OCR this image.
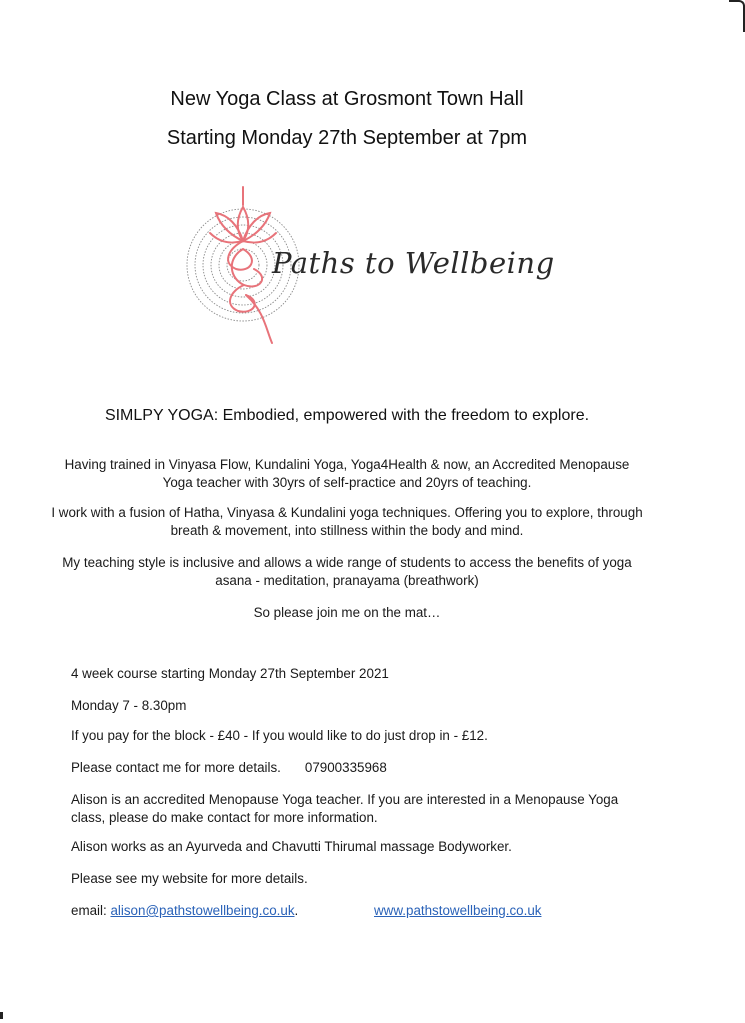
New Yoga Class at Grosmont Town Hall
Starting Monday 27th September at 7pm
Paths to Wellbeing
SIMLPY YOGA: Embodied, empowered with the freedom to explore.
Having trained in Vinyasa Flow, Kundalini Yoga, Yoga4Health & now, an Accredited Menopause Yoga teacher with 30yrs of self-practice and 20yrs of teaching.
I work with a fusion of Hatha, Vinyasa & Kundalini yoga techniques. Offering you to explore, through breath & movement, into stillness within the body and mind.
My teaching style is inclusive and allows a wide range of students to access the benefits of yoga asana - meditation, pranayama (breathwork)
So please join me on the mat…
4 week course starting Monday 27th September 2021
Monday 7 - 8.30pm
If you pay for the block - £40 - If you would like to do just drop in - £12.
Please contact me for more details. 07900335968
Alison is an accredited Menopause Yoga teacher. If you are interested in a Menopause Yoga class, please do make contact for more information.
Alison works as an Ayurveda and Chavutti Thirumal massage Bodyworker.
Please see my website for more details.
email: alison@pathstowellbeing.co.uk.	www.pathstowellbeing.co.uk
